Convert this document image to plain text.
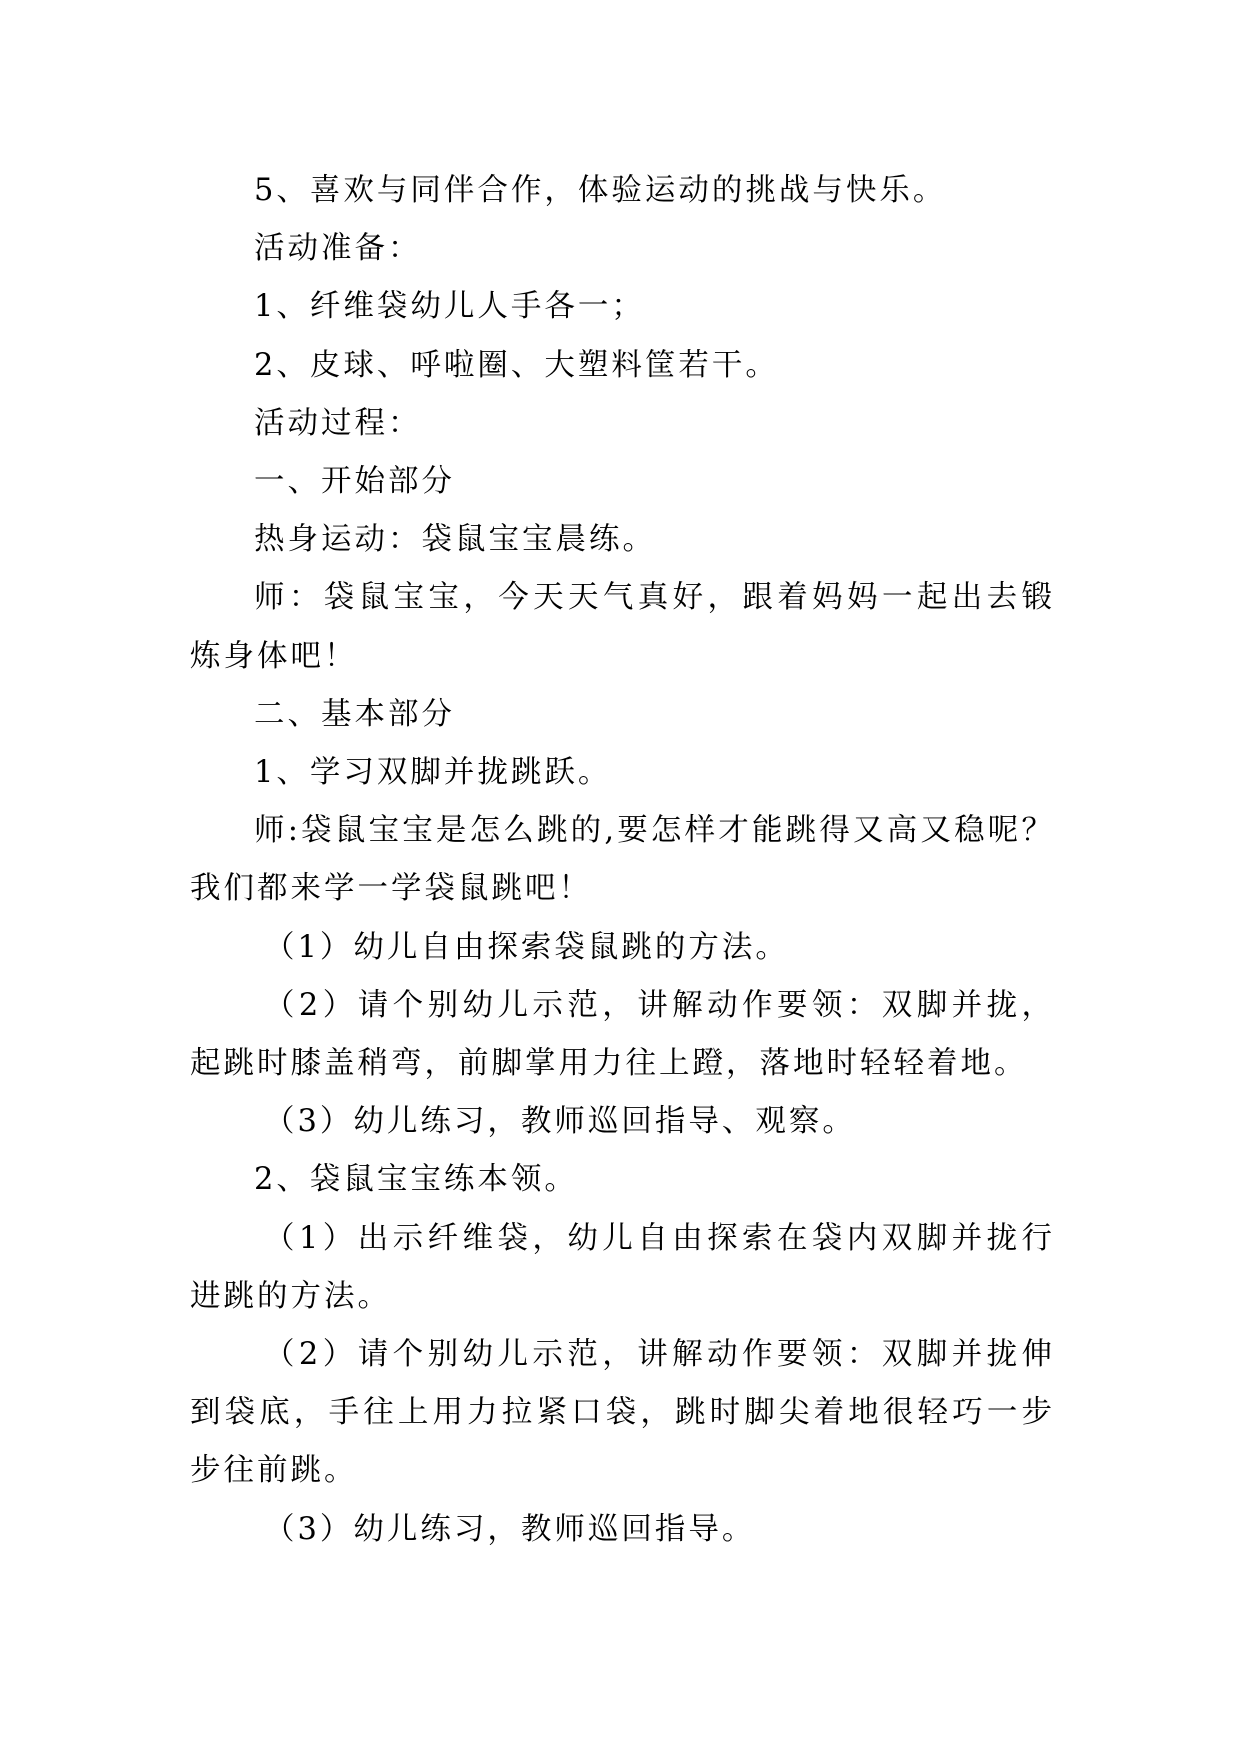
5、喜欢与同伴合作，体验运动的挑战与快乐。

活动准备：

1、纤维袋幼儿人手各一；

2、皮球、呼啦圈、大塑料筐若干。

活动过程：

一、开始部分

热身运动：袋鼠宝宝晨练。

师：袋鼠宝宝，今天天气真好，跟着妈妈一起出去锻炼身体吧！

二、基本部分

1、学习双脚并拢跳跃。

师:袋鼠宝宝是怎么跳的,要怎样才能跳得又高又稳呢？我们都来学一学袋鼠跳吧！

（1）幼儿自由探索袋鼠跳的方法。

（2）请个别幼儿示范，讲解动作要领：双脚并拢，起跳时膝盖稍弯，前脚掌用力往上蹬，落地时轻轻着地。

（3）幼儿练习，教师巡回指导、观察。

2、袋鼠宝宝练本领。

（1）出示纤维袋，幼儿自由探索在袋内双脚并拢行进跳的方法。

（2）请个别幼儿示范，讲解动作要领：双脚并拢伸到袋底，手往上用力拉紧口袋，跳时脚尖着地很轻巧一步步往前跳。

（3）幼儿练习，教师巡回指导。
